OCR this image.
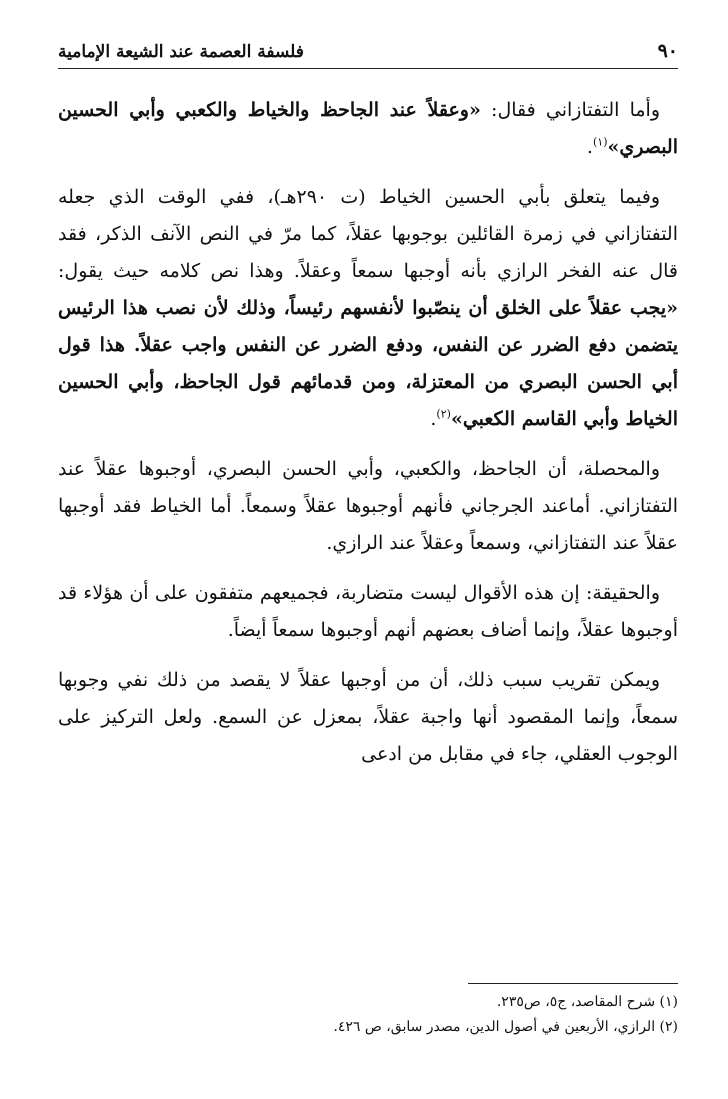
٩٠
فلسفة العصمة عند الشيعة الإمامية

وأما التفتازاني فقال: «وعقلاً عند الجاحظ والخياط والكعبي وأبي الحسين البصري»$^{(١)}$.

وفيما يتعلق بأبي الحسين الخياط (ت ٢٩٠هـ)، ففي الوقت الذي جعله التفتازاني في زمرة القائلين بوجوبها عقلاً، كما مرّ في النص الآنف الذكر، فقد قال عنه الفخر الرازي بأنه أوجبها سمعاً وعقلاً. وهذا نص كلامه حيث يقول: «يجب عقلاً على الخلق أن ينصّبوا لأنفسهم رئيساً، وذلك لأن نصب هذا الرئيس يتضمن دفع الضرر عن النفس، ودفع الضرر عن النفس واجب عقلاً. هذا قول أبي الحسن البصري من المعتزلة، ومن قدمائهم قول الجاحظ، وأبي الحسين الخياط وأبي القاسم الكعبي»$^{(٢)}$.

والمحصلة، أن الجاحظ، والكعبي، وأبي الحسن البصري، أوجبوها عقلاً عند التفتازاني. أماعند الجرجاني فأنهم أوجبوها عقلاً وسمعاً. أما الخياط فقد أوجبها عقلاً عند التفتازاني، وسمعاً وعقلاً عند الرازي.

والحقيقة: إن هذه الأقوال ليست متضاربة، فجميعهم متفقون على أن هؤلاء قد أوجبوها عقلاً، وإنما أضاف بعضهم أنهم أوجبوها سمعاً أيضاً.

ويمكن تقريب سبب ذلك، أن من أوجبها عقلاً لا يقصد من ذلك نفي وجوبها سمعاً، وإنما المقصود أنها واجبة عقلاً، بمعزل عن السمع. ولعل التركيز على الوجوب العقلي، جاء في مقابل من ادعى

(١) شرح المقاصد، ج٥، ص٢٣٥.
(٢) الرازي، الأربعين في أصول الدين، مصدر سابق، ص ٤٢٦.
